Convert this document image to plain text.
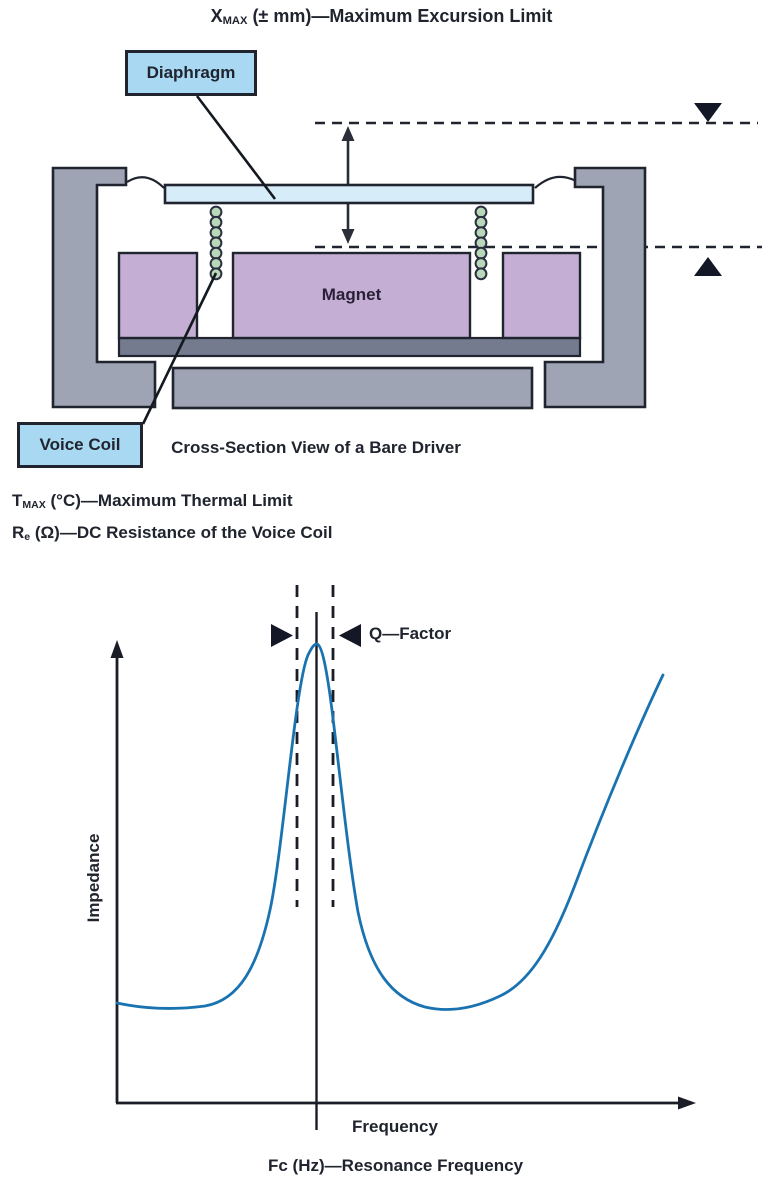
XMAX (± mm)—Maximum Excursion Limit
Diaphragm
Magnet
Voice Coil	Cross-Section View of a Bare Driver
TMAX (°C)—Maximum Thermal Limit
Re (Ω)—DC Resistance of the Voice Coil
Q—Factor
Impedance
Frequency
Fc (Hz)—Resonance Frequency
